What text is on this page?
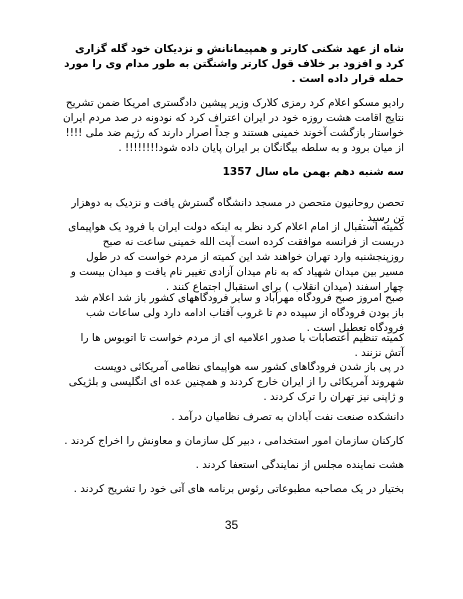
شاه از عهد شکنی کارتر و همپیمانانش و نزدیکان خود گله گزاری کرد و افزود بر خلاف قول کارتر واشنگتن به طور مدام وی را مورد حمله قرار داده است .

رادیو مسکو اعلام کرد رمزی کلارک وزیر پیشین دادگستری امریکا ضمن تشریح نتایج اقامت هشت روزه خود در ایران اعتراف کرد که نودونه در صد مردم ایران خواستار بازگشت آخوند خمینی هستند و جداً اصرار دارند که رژیم ضد ملی !!!! از میان برود و به سلطه بیگانگان بر ایران پایان داده شود!!!!!!!! .

سه شنبه دهم بهمن ماه سال 1357

تحصن روحانیون متحصن در مسجد دانشگاه گسترش یافت و نزدیک به دوهزار تن رسید .

کمیته استقبال از امام اعلام کرد نظر به اینکه دولت ایران با فرود یک هواپیمای دربست از فرانسه موافقت کرده است آیت الله خمینی ساعت نه صبح روزپنجشنبه وارد تهران خواهند شد این کمیته از مردم خواست که در طول مسیر بین میدان شهیاد که به نام میدان آزادی تغییر نام یافت و میدان بیست و چهار اسفند (میدان انقلاب ) برای استقبال اجتماع کنند .

صبح امروز صبح فرودگاه مهرآباد و سایر فرودگاههای کشور باز شد اعلام شد باز بودن فرودگاه از سپیده دم تا غروب آفتاب ادامه دارد ولی ساعات شب فرودگاه تعطیل است .

کمیته تنظیم اعتصابات با صدور اعلامیه ای از مردم خواست تا اتوبوس ها را آتش نزنند .

در پی باز شدن فرودگاهای کشور سه هواپیمای نظامی آمریکائی دویست شهروند آمریکائی را از ایران خارج کردند و همچنین عده ای انگلیسی و بلژیکی و ژاپنی نیز تهران را ترک کردند .

دانشکده صنعت نفت آبادان به تصرف نظامیان درآمد .

کارکنان سازمان امور استخدامی ، دبیر کل سازمان و معاونش را اخراج کردند .

هشت نماینده مجلس از نمایندگی استعفا کردند .

بختیار در یک مصاحبه مطبوعاتی رئوس برنامه های آتی خود را تشریح کردند .

35
